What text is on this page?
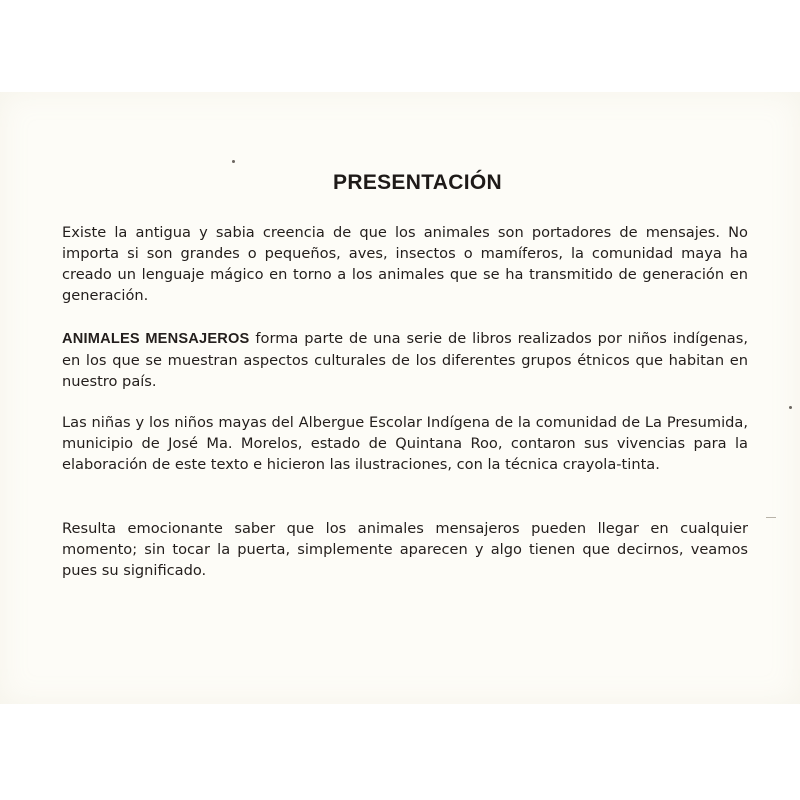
PRESENTACIÓN

Existe la antigua y sabia creencia de que los animales son portadores de mensajes. No importa si son grandes o pequeños, aves, insectos o mamíferos, la comunidad maya ha creado un lenguaje mágico en torno a los animales que se ha transmitido de generación en generación.

ANIMALES MENSAJEROS forma parte de una serie de libros realizados por niños indígenas, en los que se muestran aspectos culturales de los diferentes grupos étnicos que habitan en nuestro país.

Las niñas y los niños mayas del Albergue Escolar Indígena de la comunidad de La Presumida, municipio de José Ma. Morelos, estado de Quintana Roo, contaron sus vivencias para la elaboración de este texto e hicieron las ilustraciones, con la técnica crayola-tinta.

Resulta emocionante saber que los animales mensajeros pueden llegar en cualquier momento; sin tocar la puerta, simplemente aparecen y algo tienen que decirnos, veamos pues su significado.
